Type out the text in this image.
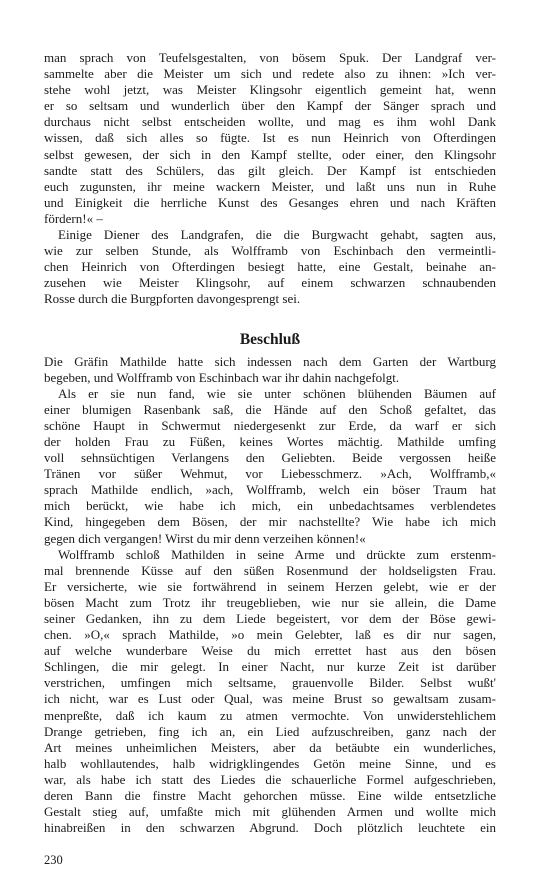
man sprach von Teufelsgestalten, von bösem Spuk. Der Landgraf ver-
sammelte aber die Meister um sich und redete also zu ihnen: »Ich ver-
stehe wohl jetzt, was Meister Klingsohr eigentlich gemeint hat, wenn
er so seltsam und wunderlich über den Kampf der Sänger sprach und
durchaus nicht selbst entscheiden wollte, und mag es ihm wohl Dank
wissen, daß sich alles so fügte. Ist es nun Heinrich von Ofterdingen
selbst gewesen, der sich in den Kampf stellte, oder einer, den Klingsohr
sandte statt des Schülers, das gilt gleich. Der Kampf ist entschieden
euch zugunsten, ihr meine wackern Meister, und laßt uns nun in Ruhe
und Einigkeit die herrliche Kunst des Gesanges ehren und nach Kräften
fördern!« –
Einige Diener des Landgrafen, die die Burgwacht gehabt, sagten aus,
wie zur selben Stunde, als Wolfframb von Eschinbach den vermeintli-
chen Heinrich von Ofterdingen besiegt hatte, eine Gestalt, beinahe an-
zusehen wie Meister Klingsohr, auf einem schwarzen schnaubenden
Rosse durch die Burgpforten davongesprengt sei.
Beschluß
Die Gräfin Mathilde hatte sich indessen nach dem Garten der Wartburg
begeben, und Wolfframb von Eschinbach war ihr dahin nachgefolgt.
Als er sie nun fand, wie sie unter schönen blühenden Bäumen auf
einer blumigen Rasenbank saß, die Hände auf den Schoß gefaltet, das
schöne Haupt in Schwermut niedergesenkt zur Erde, da warf er sich
der holden Frau zu Füßen, keines Wortes mächtig. Mathilde umfing
voll sehnsüchtigen Verlangens den Geliebten. Beide vergossen heiße
Tränen vor süßer Wehmut, vor Liebesschmerz. »Ach, Wolfframb,«
sprach Mathilde endlich, »ach, Wolfframb, welch ein böser Traum hat
mich berückt, wie habe ich mich, ein unbedachtsames verblendetes
Kind, hingegeben dem Bösen, der mir nachstellte? Wie habe ich mich
gegen dich vergangen! Wirst du mir denn verzeihen können!«
Wolfframb schloß Mathilden in seine Arme und drückte zum erstenm-
mal brennende Küsse auf den süßen Rosenmund der holdseligsten Frau.
Er versicherte, wie sie fortwährend in seinem Herzen gelebt, wie er der
bösen Macht zum Trotz ihr treugeblieben, wie nur sie allein, die Dame
seiner Gedanken, ihn zu dem Liede begeistert, vor dem der Böse gewi-
chen. »O,« sprach Mathilde, »o mein Gelebter, laß es dir nur sagen,
auf welche wunderbare Weise du mich errettet hast aus den bösen
Schlingen, die mir gelegt. In einer Nacht, nur kurze Zeit ist darüber
verstrichen, umfingen mich seltsame, grauenvolle Bilder. Selbst wußt'
ich nicht, war es Lust oder Qual, was meine Brust so gewaltsam zusam-
menpreßte, daß ich kaum zu atmen vermochte. Von unwiderstehlichem
Drange getrieben, fing ich an, ein Lied aufzuschreiben, ganz nach der
Art meines unheimlichen Meisters, aber da betäubte ein wunderliches,
halb wohllautendes, halb widrigklingendes Getön meine Sinne, und es
war, als habe ich statt des Liedes die schauerliche Formel aufgeschrieben,
deren Bann die finstre Macht gehorchen müsse. Eine wilde entsetzliche
Gestalt stieg auf, umfaßte mich mit glühenden Armen und wollte mich
hinabreißen in den schwarzen Abgrund. Doch plötzlich leuchtete ein
230
